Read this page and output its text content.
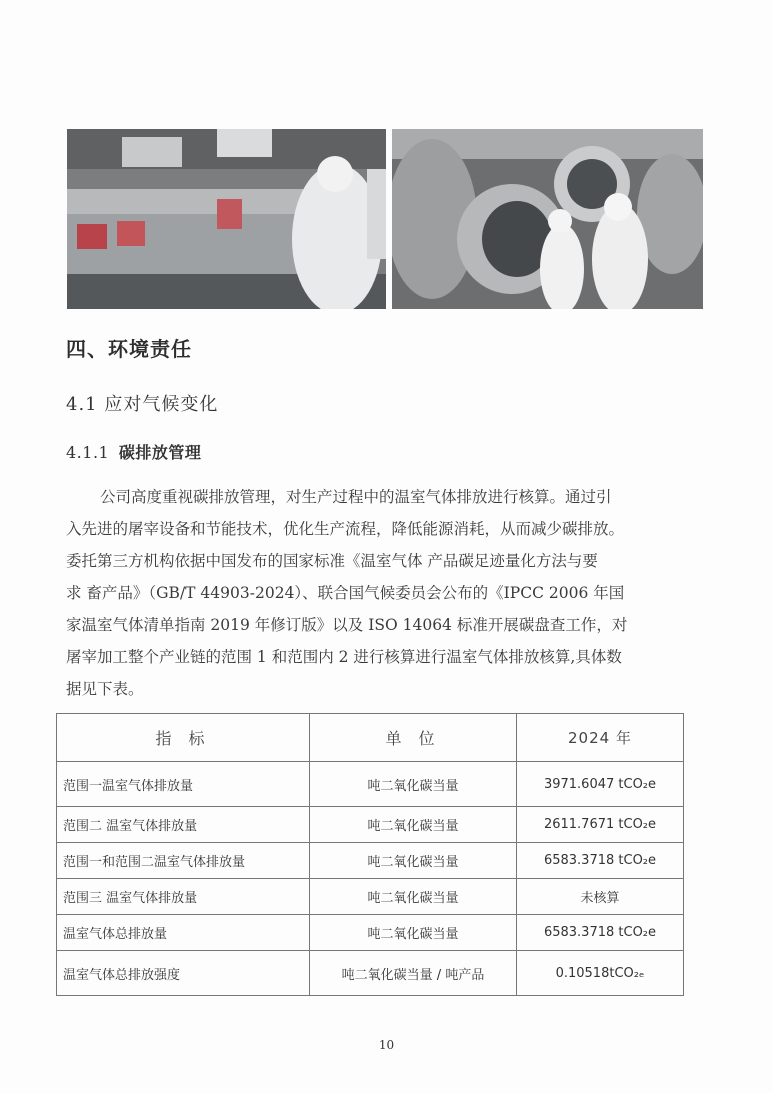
四、环境责任
4.1 应对气候变化
4.1.1 碳排放管理
公司高度重视碳排放管理，对生产过程中的温室气体排放进行核算。通过引
入先进的屠宰设备和节能技术，优化生产流程，降低能源消耗，从而减少碳排放。
委托第三方机构依据中国发布的国家标准《温室气体 产品碳足迹量化方法与要
求 畜产品》（GB/T 44903-2024）、联合国气候委员会公布的《IPCC 2006 年国
家温室气体清单指南 2019 年修订版》以及 ISO 14064 标准开展碳盘查工作，对
屠宰加工整个产业链的范围 1 和范围内 2 进行核算进行温室气体排放核算,具体数
据见下表。
指 标	单 位	2024 年
范围一温室气体排放量	吨二氧化碳当量	3971.6047 tCO₂e
范围二 温室气体排放量	吨二氧化碳当量	2611.7671 tCO₂e
范围一和范围二温室气体排放量	吨二氧化碳当量	6583.3718 tCO₂e
范围三 温室气体排放量	吨二氧化碳当量	未核算
温室气体总排放量	吨二氧化碳当量	6583.3718 tCO₂e
温室气体总排放强度	吨二氧化碳当量 / 吨产品	0.10518tCO₂ₑ
10
